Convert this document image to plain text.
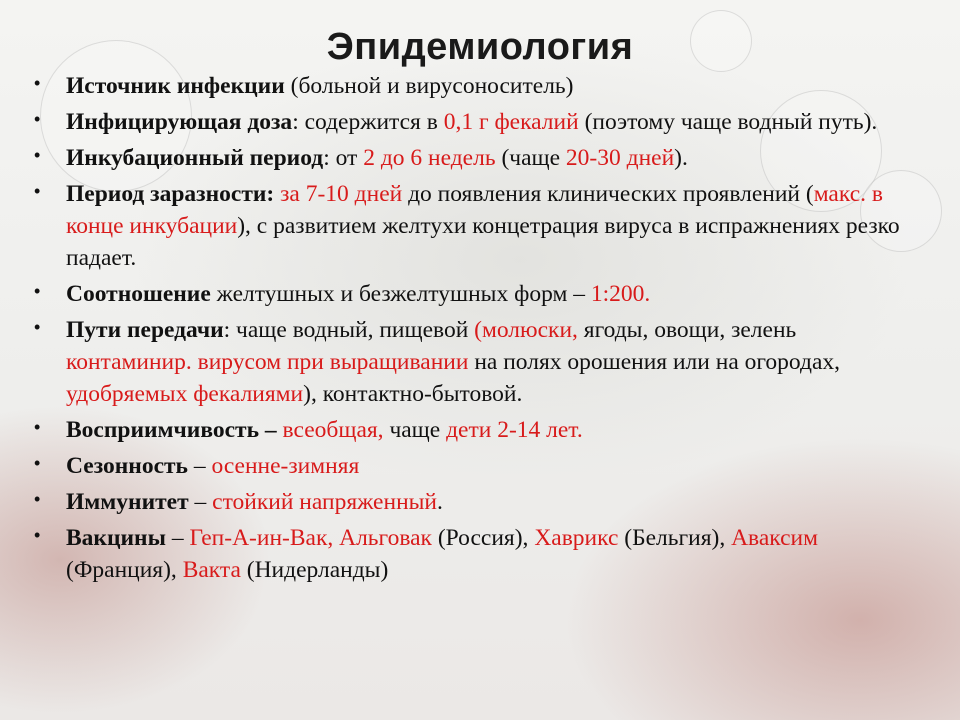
Эпидемиология
• Источник инфекции (больной и вирусоноситель)
• Инфицирующая доза: содержится в 0,1 г фекалий (поэтому чаще водный путь).
• Инкубационный период: от 2 до 6 недель (чаще 20-30 дней).
• Период заразности: за 7-10 дней до появления клинических проявлений (макс. в конце инкубации), с развитием желтухи концетрация вируса в испражнениях резко падает.
• Соотношение желтушных и безжелтушных форм – 1:200.
• Пути передачи: чаще водный, пищевой (молюски, ягоды, овощи, зелень контаминир. вирусом при выращивании на полях орошения или на огородах, удобряемых фекалиями), контактно-бытовой.
• Восприимчивость – всеобщая, чаще дети 2-14 лет.
• Сезонность – осенне-зимняя
• Иммунитет – стойкий напряженный.
• Вакцины – Геп-А-ин-Вак, Альговак (Россия), Хаврикс (Бельгия), Аваксим (Франция), Вакта (Нидерланды)
